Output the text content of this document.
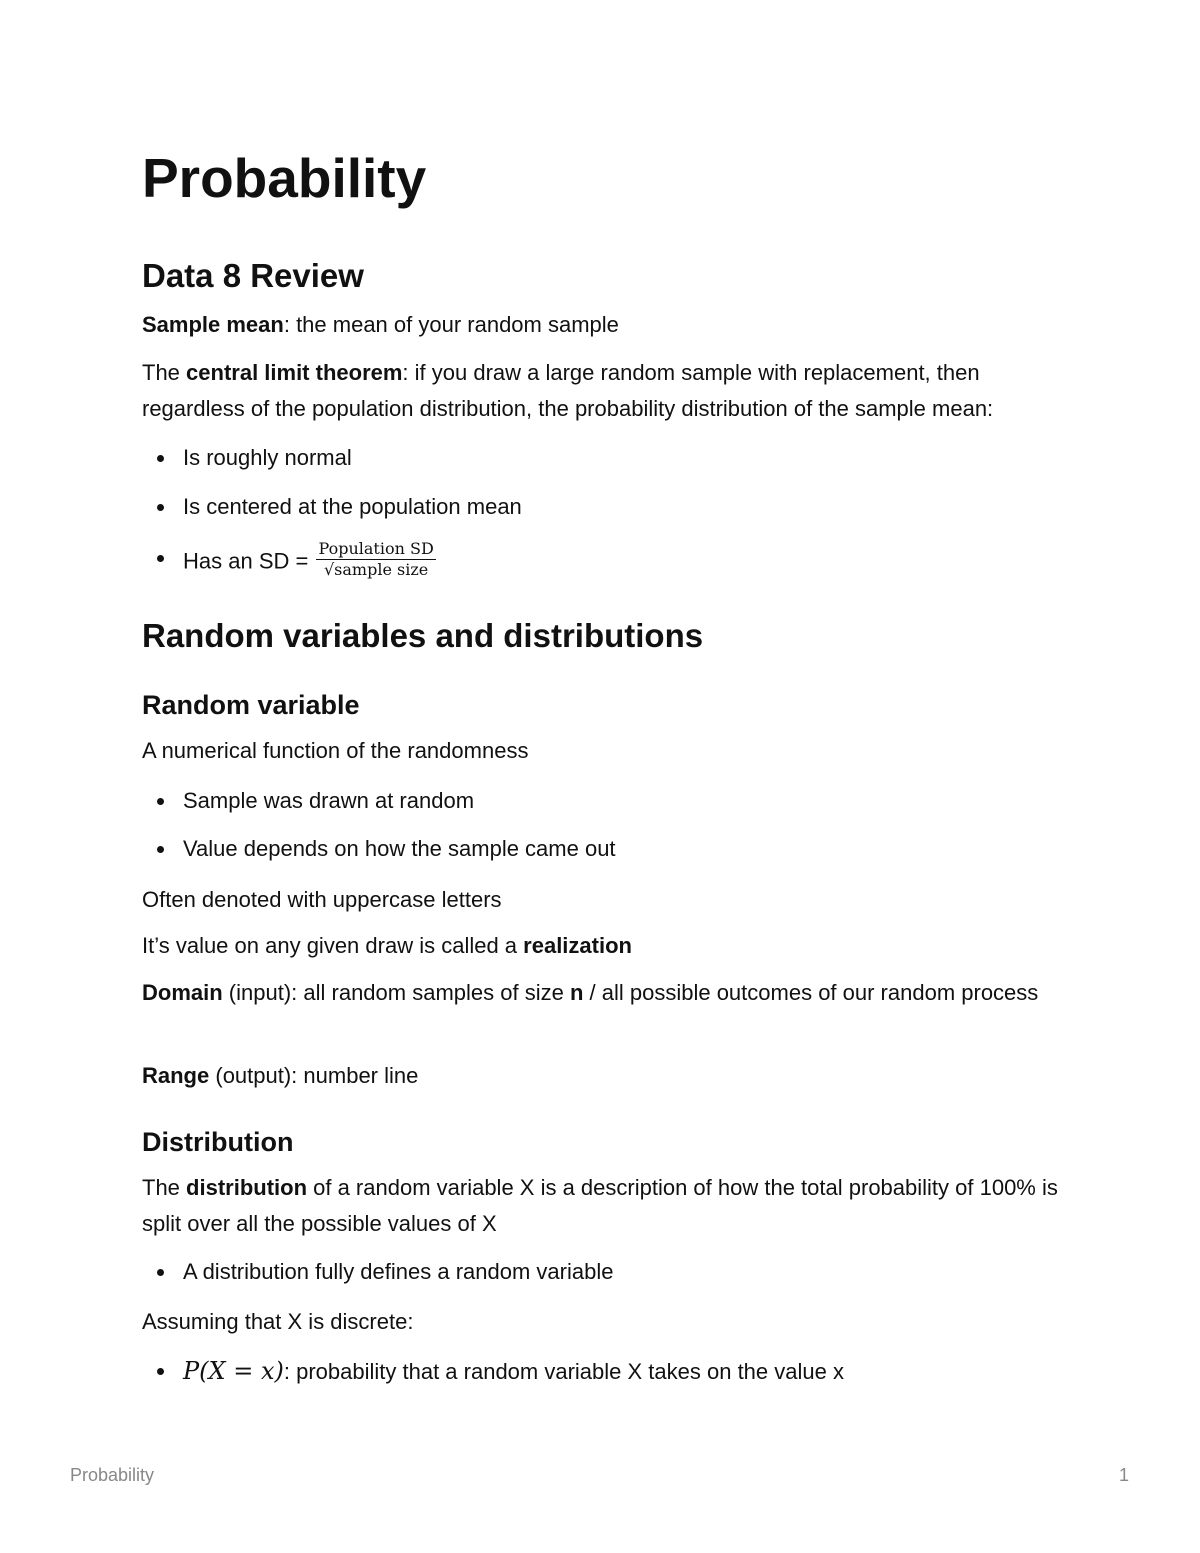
Probability
Data 8 Review

Sample mean: the mean of your random sample

The central limit theorem: if you draw a large random sample with replacement, then regardless of the population distribution, the probability distribution of the sample mean:

Is roughly normal
Is centered at the population mean
Has an SD = $\frac{\text{Population SD}}{\text{√sample size}}$
Random variables and distributions
Random variable

A numerical function of the randomness

Sample was drawn at random
Value depends on how the sample came out

Often denoted with uppercase letters

It’s value on any given draw is called a realization

Domain (input): all random samples of size n / all possible outcomes of our random process

Range (output): number line

Distribution

The distribution of a random variable X is a description of how the total probability of 100% is split over all the possible values of X

A distribution fully defines a random variable

Assuming that X is discrete:

P(X = x): probability that a random variable X takes on the value x
Probability	1
